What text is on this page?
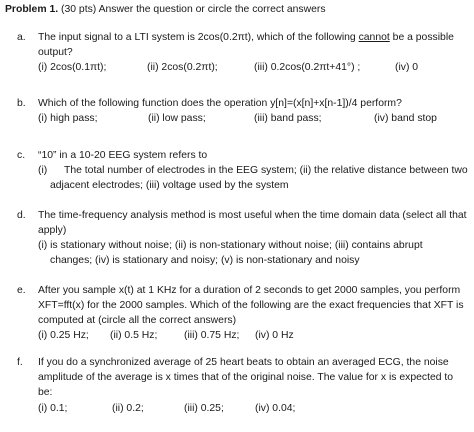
Problem 1. (30 pts) Answer the question or circle the correct answers
a. The input signal to a LTI system is 2cos(0.2πt), which of the following cannot be a possible
output?
(i) 2cos(0.1πt);	(ii) 2cos(0.2πt);	(iii) 0.2cos(0.2πt+41°) ;	(iv) 0
b. Which of the following function does the operation y[n]=(x[n]+x[n-1])/4 perform?
(i) high pass;	(ii) low pass;	(iii) band pass;	(iv) band stop
c. “10” in a 10-20 EEG system refers to
(i) The total number of electrodes in the EEG system; (ii) the relative distance between two
adjacent electrodes; (iii) voltage used by the system
d. The time-frequency analysis method is most useful when the time domain data (select all that
apply)
(i) is stationary without noise; (ii) is non-stationary without noise; (iii) contains abrupt
changes; (iv) is stationary and noisy; (v) is non-stationary and noisy
e. After you sample x(t) at 1 KHz for a duration of 2 seconds to get 2000 samples, you perform
XFT=fft(x) for the 2000 samples. Which of the following are the exact frequencies that XFT is
computed at (circle all the correct answers)
(i) 0.25 Hz; (ii) 0.5 Hz;	(iii) 0.75 Hz; (iv) 0 Hz
f. If you do a synchronized average of 25 heart beats to obtain an averaged ECG, the noise
amplitude of the average is x times that of the original noise. The value for x is expected to
be:
(i) 0.1;	(ii) 0.2;	(iii) 0.25;	(iv) 0.04;
